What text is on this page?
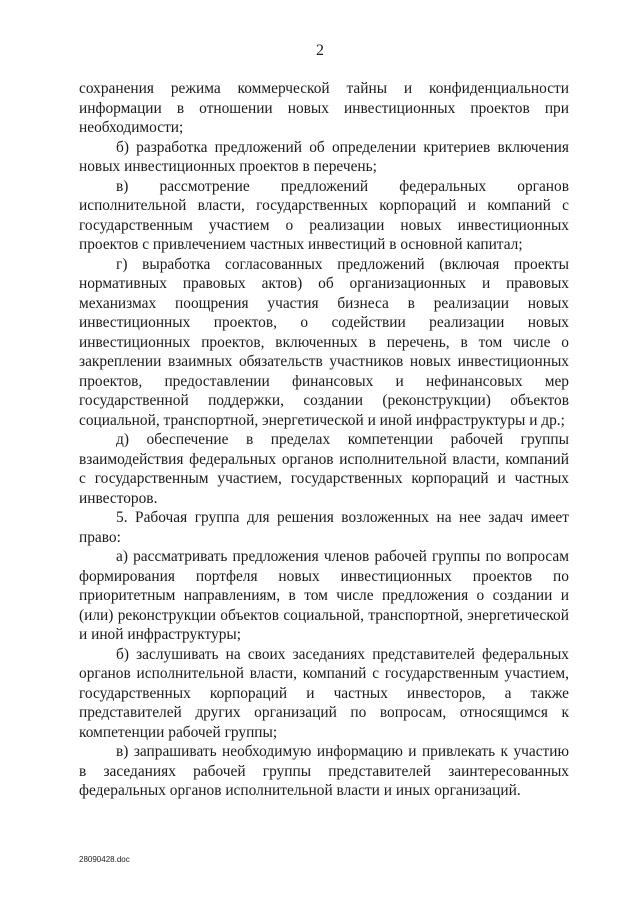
2

сохранения режима коммерческой тайны и конфиденциальности информации в отношении новых инвестиционных проектов при необходимости;

б) разработка предложений об определении критериев включения новых инвестиционных проектов в перечень;

в) рассмотрение предложений федеральных органов исполнительной власти, государственных корпораций и компаний с государственным участием о реализации новых инвестиционных проектов с привлечением частных инвестиций в основной капитал;

г) выработка согласованных предложений (включая проекты нормативных правовых актов) об организационных и правовых механизмах поощрения участия бизнеса в реализации новых инвестиционных проектов, о содействии реализации новых инвестиционных проектов, включенных в перечень, в том числе о закреплении взаимных обязательств участников новых инвестиционных проектов, предоставлении финансовых и нефинансовых мер государственной поддержки, создании (реконструкции) объектов социальной, транспортной, энергетической и иной инфраструктуры и др.;

д) обеспечение в пределах компетенции рабочей группы взаимодействия федеральных органов исполнительной власти, компаний с государственным участием, государственных корпораций и частных инвесторов.

5. Рабочая группа для решения возложенных на нее задач имеет право:

а) рассматривать предложения членов рабочей группы по вопросам формирования портфеля новых инвестиционных проектов по приоритетным направлениям, в том числе предложения о создании и (или) реконструкции объектов социальной, транспортной, энергетической и иной инфраструктуры;

б) заслушивать на своих заседаниях представителей федеральных органов исполнительной власти, компаний с государственным участием, государственных корпораций и частных инвесторов, а также представителей других организаций по вопросам, относящимся к компетенции рабочей группы;

в) запрашивать необходимую информацию и привлекать к участию в заседаниях рабочей группы представителей заинтересованных федеральных органов исполнительной власти и иных организаций.

28090428.doc
